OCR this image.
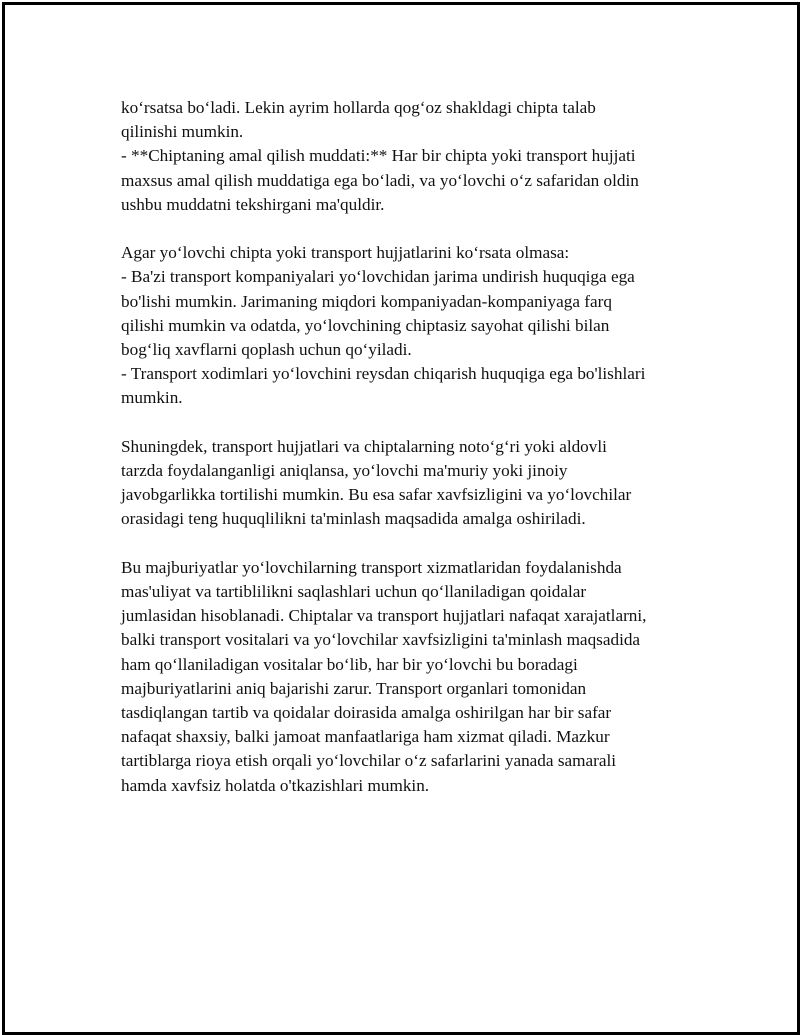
ko‘rsatsa bo‘ladi. Lekin ayrim hollarda qog‘oz shakldagi chipta talab
qilinishi mumkin.
- **Chiptaning amal qilish muddati:** Har bir chipta yoki transport hujjati
maxsus amal qilish muddatiga ega bo‘ladi, va yo‘lovchi o‘z safaridan oldin
ushbu muddatni tekshirgani ma'quldir.

Agar yo‘lovchi chipta yoki transport hujjatlarini ko‘rsata olmasa:
- Ba'zi transport kompaniyalari yo‘lovchidan jarima undirish huquqiga ega
bo'lishi mumkin. Jarimaning miqdori kompaniyadan-kompaniyaga farq
qilishi mumkin va odatda, yo‘lovchining chiptasiz sayohat qilishi bilan
bog‘liq xavflarni qoplash uchun qo‘yiladi.
- Transport xodimlari yo‘lovchini reysdan chiqarish huquqiga ega bo'lishlari
mumkin.

Shuningdek, transport hujjatlari va chiptalarning noto‘g‘ri yoki aldovli
tarzda foydalanganligi aniqlansa, yo‘lovchi ma'muriy yoki jinoiy
javobgarlikka tortilishi mumkin. Bu esa safar xavfsizligini va yo‘lovchilar
orasidagi teng huquqlilikni ta'minlash maqsadida amalga oshiriladi.

Bu majburiyatlar yo‘lovchilarning transport xizmatlaridan foydalanishda
mas'uliyat va tartiblilikni saqlashlari uchun qo‘llaniladigan qoidalar
jumlasidan hisoblanadi. Chiptalar va transport hujjatlari nafaqat xarajatlarni,
balki transport vositalari va yo‘lovchilar xavfsizligini ta'minlash maqsadida
ham qo‘llaniladigan vositalar bo‘lib, har bir yo‘lovchi bu boradagi
majburiyatlarini aniq bajarishi zarur. Transport organlari tomonidan
tasdiqlangan tartib va qoidalar doirasida amalga oshirilgan har bir safar
nafaqat shaxsiy, balki jamoat manfaatlariga ham xizmat qiladi. Mazkur
tartiblarga rioya etish orqali yo‘lovchilar o‘z safarlarini yanada samarali
hamda xavfsiz holatda o'tkazishlari mumkin.
